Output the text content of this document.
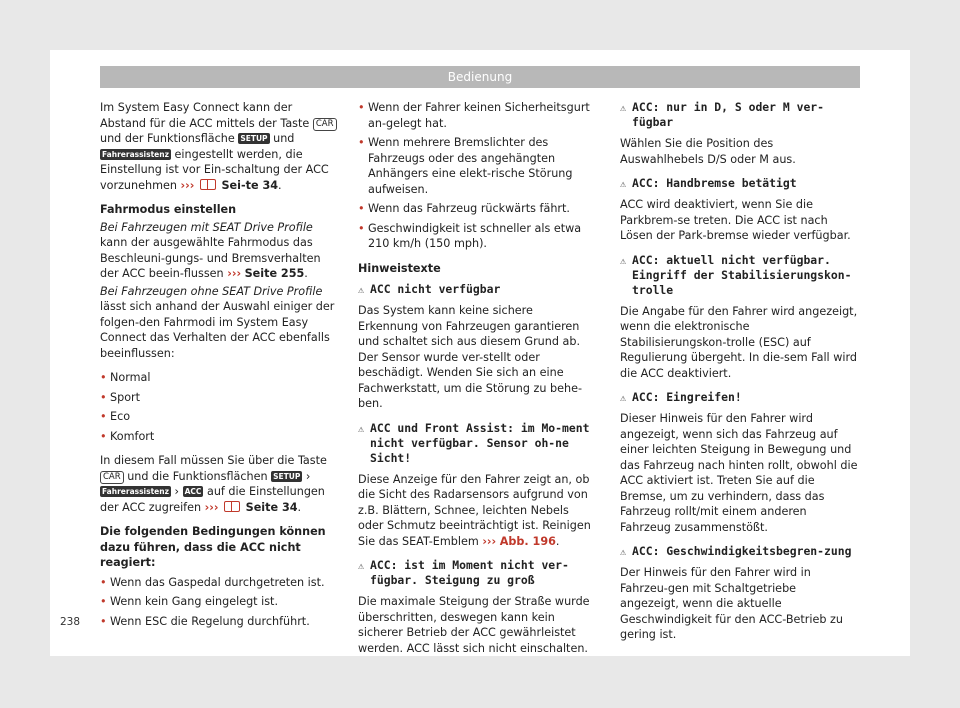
Bedienung

Im System Easy Connect kann der Abstand für die ACC mittels der Taste CAR und der Funktionsfläche SETUP und Fahrerassistenz eingestellt werden, die Einstellung ist vor Ein-schaltung der ACC vorzunehmen ››› Sei-te 34.

Fahrmodus einstellen

Bei Fahrzeugen mit SEAT Drive Profile kann der ausgewählte Fahrmodus das Beschleuni-gungs- und Bremsverhalten der ACC beein-flussen ››› Seite 255.

Bei Fahrzeugen ohne SEAT Drive Profile lässt sich anhand der Auswahl einiger der folgen-den Fahrmodi im System Easy Connect das Verhalten der ACC ebenfalls beeinflussen:

• Normal
• Sport
• Eco
• Komfort

In diesem Fall müssen Sie über die Taste CAR und die Funktionsflächen SETUP › Fahrerassistenz › ACC auf die Einstellungen der ACC zugreifen ››› Seite 34.

Die folgenden Bedingungen können dazu führen, dass die ACC nicht reagiert:

• Wenn das Gaspedal durchgetreten ist.
• Wenn kein Gang eingelegt ist.
• Wenn ESC die Regelung durchführt.
• Wenn der Fahrer keinen Sicherheitsgurt an-gelegt hat.
• Wenn mehrere Bremslichter des Fahrzeugs oder des angehängten Anhängers eine elekt-rische Störung aufweisen.
• Wenn das Fahrzeug rückwärts fährt.
• Geschwindigkeit ist schneller als etwa 210 km/h (150 mph).

Hinweistexte

⚠ ACC nicht verfügbar

Das System kann keine sichere Erkennung von Fahrzeugen garantieren und schaltet sich aus diesem Grund ab. Der Sensor wurde ver-stellt oder beschädigt. Wenden Sie sich an eine Fachwerkstatt, um die Störung zu behe-ben.

⚠ ACC und Front Assist: im Mo-ment nicht verfügbar. Sensor oh-ne Sicht!

Diese Anzeige für den Fahrer zeigt an, ob die Sicht des Radarsensors aufgrund von z.B. Blättern, Schnee, leichten Nebels oder Schmutz beeinträchtigt ist. Reinigen Sie das SEAT-Emblem ››› Abb. 196.

⚠ ACC: ist im Moment nicht ver-fügbar. Steigung zu groß

Die maximale Steigung der Straße wurde überschritten, deswegen kann kein sicherer Betrieb der ACC gewährleistet werden. ACC lässt sich nicht einschalten.

⚠ ACC: nur in D, S oder M ver-fügbar

Wählen Sie die Position des Auswahlhebels D/S oder M aus.

⚠ ACC: Handbremse betätigt

ACC wird deaktiviert, wenn Sie die Parkbrem-se treten. Die ACC ist nach Lösen der Park-bremse wieder verfügbar.

⚠ ACC: aktuell nicht verfügbar. Eingriff der Stabilisierungskon-trolle

Die Angabe für den Fahrer wird angezeigt, wenn die elektronische Stabilisierungskon-trolle (ESC) auf Regulierung übergeht. In die-sem Fall wird die ACC deaktiviert.

⚠ ACC: Eingreifen!

Dieser Hinweis für den Fahrer wird angezeigt, wenn sich das Fahrzeug auf einer leichten Steigung in Bewegung und das Fahrzeug nach hinten rollt, obwohl die ACC aktiviert ist. Treten Sie auf die Bremse, um zu verhindern, dass das Fahrzeug rollt/mit einem anderen Fahrzeug zusammenstößt.

⚠ ACC: Geschwindigkeitsbegren-zung

Der Hinweis für den Fahrer wird in Fahrzeu-gen mit Schaltgetriebe angezeigt, wenn die aktuelle Geschwindigkeit für den ACC-Betrieb zu gering ist.

238
